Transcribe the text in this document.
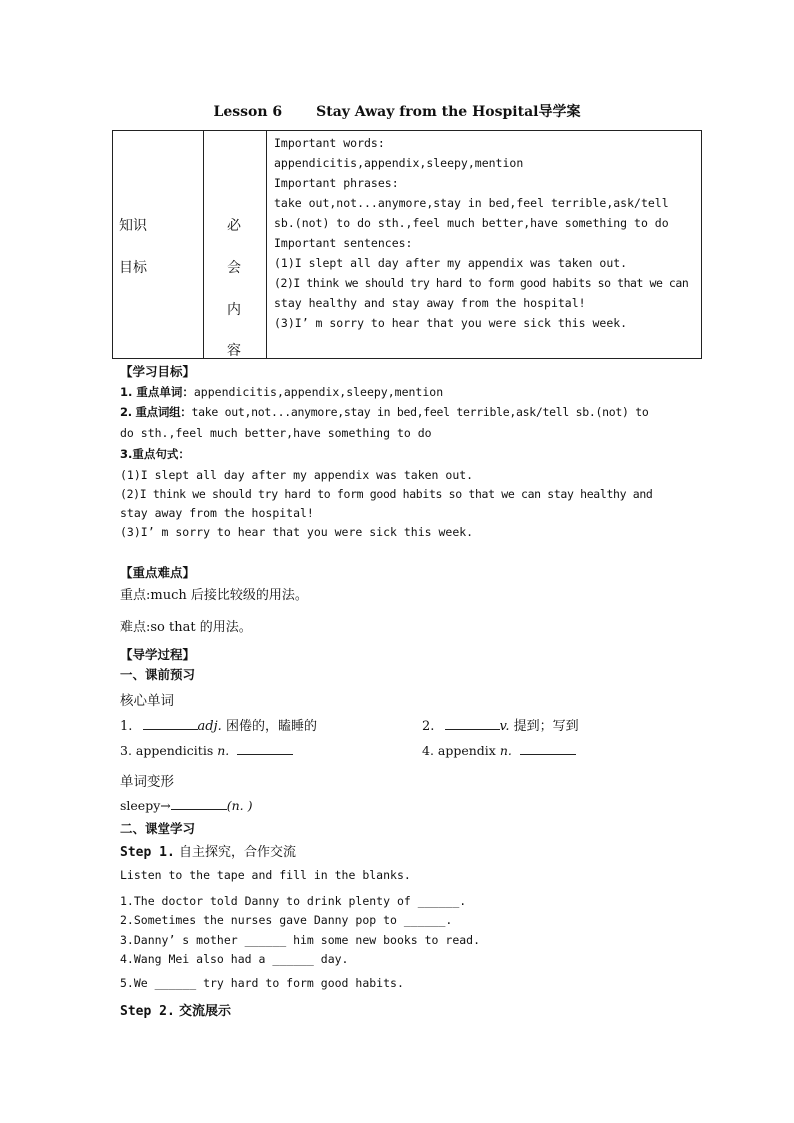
Lesson 6 Stay Away from the Hospital导学案
知识
目标

必
会
内
容

Important words:
appendicitis,appendix,sleepy,mention
Important phrases:
take out,not...anymore,stay in bed,feel terrible,ask/tell
sb.(not) to do sth.,feel much better,have something to do
Important sentences:
(1)I slept all day after my appendix was taken out.
(2)I think we should try hard to form good habits so that we can
stay healthy and stay away from the hospital!
(3)I’ m sorry to hear that you were sick this week.
【学习目标】
1. 重点单词：appendicitis,appendix,sleepy,mention
2. 重点词组：take out,not...anymore,stay in bed,feel terrible,ask/tell sb.(not) to
do sth.,feel much better,have something to do
3.重点句式：
(1)I slept all day after my appendix was taken out.
(2)I think we should try hard to form good habits so that we can stay healthy and
stay away from the hospital!
(3)I’ m sorry to hear that you were sick this week.
【重点难点】
重点:much 后接比较级的用法。
难点:so that 的用法。
【导学过程】
一、课前预习
核心单词
1.	adj. 困倦的，瞌睡的	2.	v. 提到；写到
3. appendicitis n.	4. appendix n.
单词变形
sleepy→	(n. )
二、课堂学习
Step 1. 自主探究，合作交流
Listen to the tape and fill in the blanks.
1.The doctor told Danny to drink plenty of ______.
2.Sometimes the nurses gave Danny pop to ______.
3.Danny’ s mother ______ him some new books to read.
4.Wang Mei also had a ______ day.
5.We ______ try hard to form good habits.
Step 2. 交流展示
